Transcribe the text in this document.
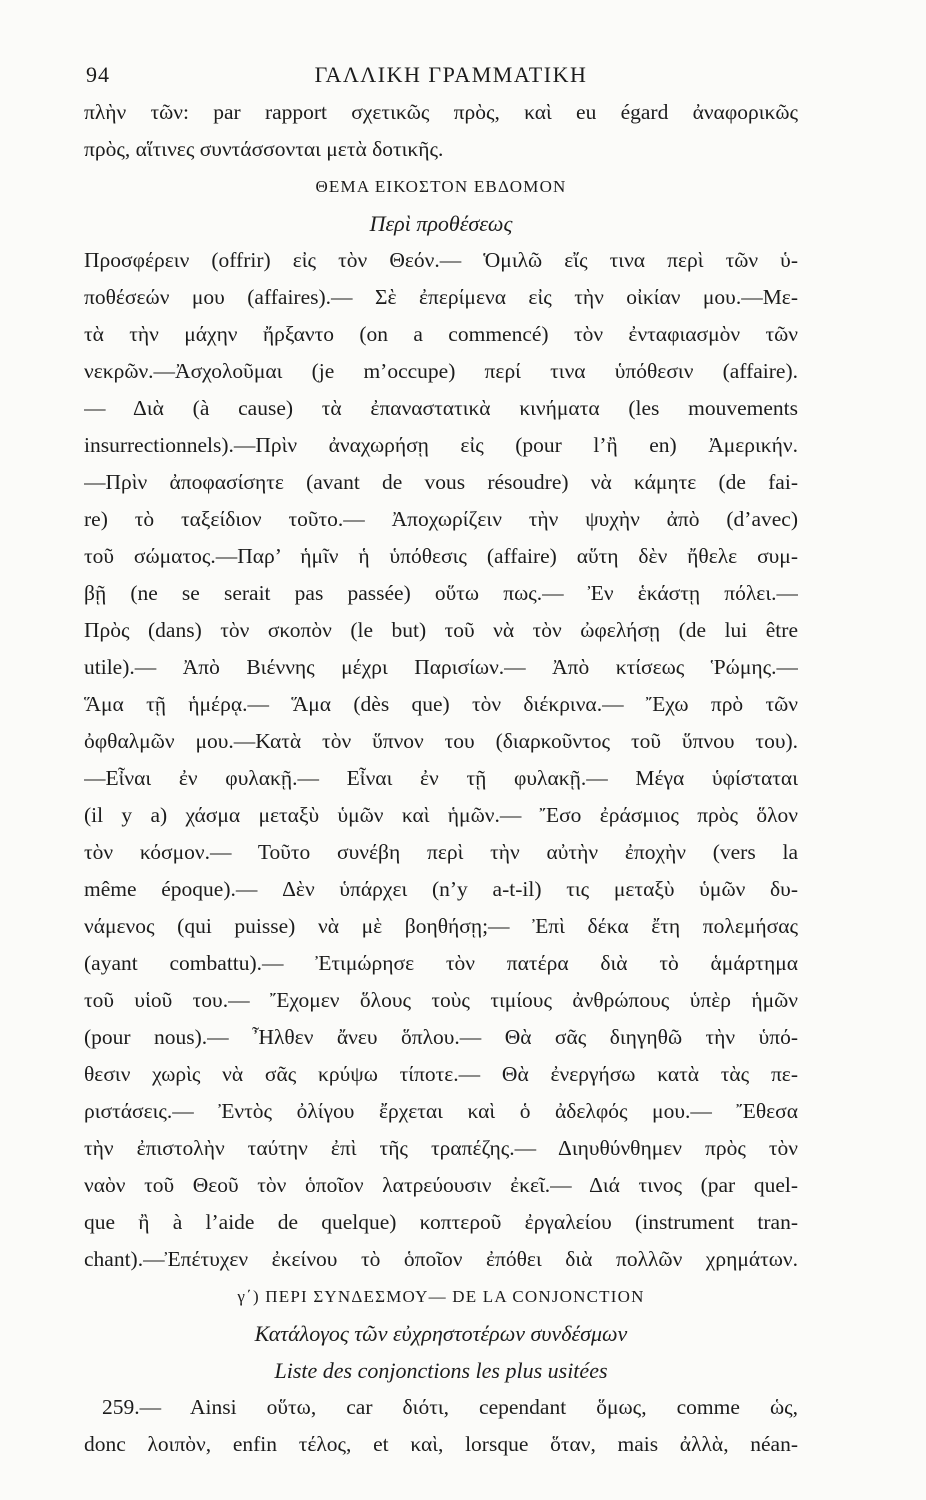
94	ΓΑΛΛΙΚΗ ΓΡΑΜΜΑΤΙΚΗ
πλὴν τῶν: par rapport σχετικῶς πρὸς, καὶ eu égard ἀναφορικῶς
πρὸς, αἵτινες συντάσσονται μετὰ δοτικῆς.
ΘΕΜΑ ΕΙΚΟΣΤΟΝ ΕΒΔΟΜΟΝ
Περὶ προθέσεως
Προσφέρειν (offrir) εἰς τὸν Θεόν.— Ὁμιλῶ εἴς τινα περὶ τῶν ὑ-
ποθέσεών μου (affaires).— Σὲ ἐπερίμενα εἰς τὴν οἰκίαν μου.—Με-
τὰ τὴν μάχην ἤρξαντο (on a commencé) τὸν ἐνταφιασμὸν τῶν
νεκρῶν.—Ἀσχολοῦμαι (je m’occupe) περί τινα ὑπόθεσιν (affaire).
— Διὰ (à cause) τὰ ἐπαναστατικὰ κινήματα (les mouvements
insurrectionnels).—Πρὶν ἀναχωρήσῃ εἰς (pour l’ἢ en) Ἀμερικήν.
—Πρὶν ἀποφασίσητε (avant de vous résoudre) νὰ κάμητε (de fai-
re) τὸ ταξείδιον τοῦτο.— Ἀποχωρίζειν τὴν ψυχὴν ἀπὸ (d’avec)
τοῦ σώματος.—Παρ’ ἡμῖν ἡ ὑπόθεσις (affaire) αὕτη δὲν ἤθελε συμ-
βῇ (ne se serait pas passée) οὕτω πως.— Ἐν ἑκάστῃ πόλει.—
Πρὸς (dans) τὸν σκοπὸν (le but) τοῦ νὰ τὸν ὠφελήσῃ (de lui être
utile).— Ἀπὸ Βιέννης μέχρι Παρισίων.— Ἀπὸ κτίσεως Ῥώμης.—
Ἅμα τῇ ἡμέρᾳ.— Ἅμα (dès que) τὸν διέκρινα.— Ἔχω πρὸ τῶν
ὀφθαλμῶν μου.—Κατὰ τὸν ὕπνον του (διαρκοῦντος τοῦ ὕπνου του).
—Εἶναι ἐν φυλακῇ.— Εἶναι ἐν τῇ φυλακῇ.— Μέγα ὑφίσταται
(il y a) χάσμα μεταξὺ ὑμῶν καὶ ἡμῶν.— Ἔσο ἐράσμιος πρὸς ὅλον
τὸν κόσμον.— Τοῦτο συνέβη περὶ τὴν αὐτὴν ἐποχὴν (vers la
même époque).— Δὲν ὑπάρχει (n’y a-t-il) τις μεταξὺ ὑμῶν δυ-
νάμενος (qui puisse) νὰ μὲ βοηθήσῃ;— Ἐπὶ δέκα ἔτη πολεμήσας
(ayant combattu).— Ἐτιμώρησε τὸν πατέρα διὰ τὸ ἁμάρτημα
τοῦ υἱοῦ του.— Ἔχομεν ὅλους τοὺς τιμίους ἀνθρώπους ὑπὲρ ἡμῶν
(pour nous).— Ἦλθεν ἄνευ ὅπλου.— Θὰ σᾶς διηγηθῶ τὴν ὑπό-
θεσιν χωρὶς νὰ σᾶς κρύψω τίποτε.— Θὰ ἐνεργήσω κατὰ τὰς πε-
ριστάσεις.— Ἐντὸς ὀλίγου ἔρχεται καὶ ὁ ἀδελφός μου.— Ἔθεσα
τὴν ἐπιστολὴν ταύτην ἐπὶ τῆς τραπέζης.— Διηυθύνθημεν πρὸς τὸν
ναὸν τοῦ Θεοῦ τὸν ὁποῖον λατρεύουσιν ἐκεῖ.— Διά τινος (par quel-
que ἢ à l’aide de quelque) κοπτεροῦ ἐργαλείου (instrument tran-
chant).—Ἐπέτυχεν ἐκείνου τὸ ὁποῖον ἐπόθει διὰ πολλῶν χρημάτων.
γ΄) ΠΕΡΙ ΣΥΝΔΕΣΜΟΥ— DE LA CONJONCTION
Κατάλογος τῶν εὐχρηστοτέρων συνδέσμων
Liste des conjonctions les plus usitées
259.— Ainsi οὕτω, car διότι, cependant ὅμως, comme ὡς,
donc λοιπὸν, enfin τέλος, et καὶ, lorsque ὅταν, mais ἀλλὰ, néan-
